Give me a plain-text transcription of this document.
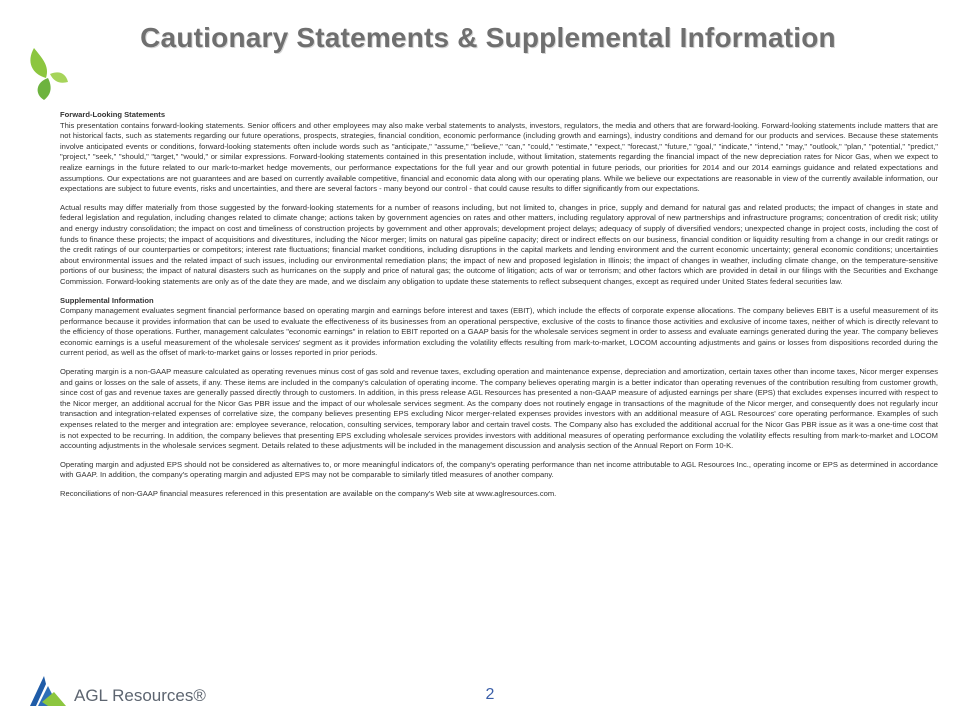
Cautionary Statements & Supplemental Information

Forward-Looking Statements
This presentation contains forward-looking statements. Senior officers and other employees may also make verbal statements to analysts, investors, regulators, the media and others that are forward-looking. Forward-looking statements include matters that are not historical facts, such as statements regarding our future operations, prospects, strategies, financial condition, economic performance (including growth and earnings), industry conditions and demand for our products and services. Because these statements involve anticipated events or conditions, forward-looking statements often include words such as "anticipate," "assume," "believe," "can," "could," "estimate," "expect," "forecast," "future," "goal," "indicate," "intend," "may," "outlook," "plan," "potential," "predict," "project," "seek," "should," "target," "would," or similar expressions. Forward-looking statements contained in this presentation include, without limitation, statements regarding the financial impact of the new depreciation rates for Nicor Gas, when we expect to realize earnings in the future related to our mark-to-market hedge movements, our performance expectations for the full year and our growth potential in future periods, our priorities for 2014 and our 2014 earnings guidance and related expectations and assumptions. Our expectations are not guarantees and are based on currently available competitive, financial and economic data along with our operating plans. While we believe our expectations are reasonable in view of the currently available information, our expectations are subject to future events, risks and uncertainties, and there are several factors - many beyond our control - that could cause results to differ significantly from our expectations.

Actual results may differ materially from those suggested by the forward-looking statements for a number of reasons including, but not limited to, changes in price, supply and demand for natural gas and related products; the impact of changes in state and federal legislation and regulation, including changes related to climate change; actions taken by government agencies on rates and other matters, including regulatory approval of new partnerships and infrastructure programs; concentration of credit risk; utility and energy industry consolidation; the impact on cost and timeliness of construction projects by government and other approvals; development project delays; adequacy of supply of diversified vendors; unexpected change in project costs, including the cost of funds to finance these projects; the impact of acquisitions and divestitures, including the Nicor merger; limits on natural gas pipeline capacity; direct or indirect effects on our business, financial condition or liquidity resulting from a change in our credit ratings or the credit ratings of our counterparties or competitors; interest rate fluctuations; financial market conditions, including disruptions in the capital markets and lending environment and the current economic uncertainty; general economic conditions; uncertainties about environmental issues and the related impact of such issues, including our environmental remediation plans; the impact of new and proposed legislation in Illinois; the impact of changes in weather, including climate change, on the temperature-sensitive portions of our business; the impact of natural disasters such as hurricanes on the supply and price of natural gas; the outcome of litigation; acts of war or terrorism; and other factors which are provided in detail in our filings with the Securities and Exchange Commission. Forward-looking statements are only as of the date they are made, and we disclaim any obligation to update these statements to reflect subsequent changes, except as required under United States federal securities law.

Supplemental Information
Company management evaluates segment financial performance based on operating margin and earnings before interest and taxes (EBIT), which include the effects of corporate expense allocations. The company believes EBIT is a useful measurement of its performance because it provides information that can be used to evaluate the effectiveness of its businesses from an operational perspective, exclusive of the costs to finance those activities and exclusive of income taxes, neither of which is directly relevant to the efficiency of those operations. Further, management calculates "economic earnings" in relation to EBIT reported on a GAAP basis for the wholesale services segment in order to assess and evaluate earnings generated during the year. The company believes economic earnings is a useful measurement of the wholesale services' segment as it provides information excluding the volatility effects resulting from mark-to-market, LOCOM accounting adjustments and gains or losses from dispositions recorded during the current period, as well as the offset of mark-to-market gains or losses reported in prior periods.

Operating margin is a non-GAAP measure calculated as operating revenues minus cost of gas sold and revenue taxes, excluding operation and maintenance expense, depreciation and amortization, certain taxes other than income taxes, Nicor merger expenses and gains or losses on the sale of assets, if any. These items are included in the company's calculation of operating income. The company believes operating margin is a better indicator than operating revenues of the contribution resulting from customer growth, since cost of gas and revenue taxes are generally passed directly through to customers. In addition, in this press release AGL Resources has presented a non-GAAP measure of adjusted earnings per share (EPS) that excludes expenses incurred with respect to the Nicor merger, an additional accrual for the Nicor Gas PBR issue and the impact of our wholesale services segment. As the company does not routinely engage in transactions of the magnitude of the Nicor merger, and consequently does not regularly incur transaction and integration-related expenses of correlative size, the company believes presenting EPS excluding Nicor merger-related expenses provides investors with an additional measure of AGL Resources' core operating performance. Examples of such expenses related to the merger and integration are: employee severance, relocation, consulting services, temporary labor and certain travel costs. The Company also has excluded the additional accrual for the Nicor Gas PBR issue as it was a one-time cost that is not expected to be recurring. In addition, the company believes that presenting EPS excluding wholesale services provides investors with additional measures of operating performance excluding the volatility effects resulting from mark-to-market and LOCOM accounting adjustments in the wholesale services segment. Details related to these adjustments will be included in the management discussion and analysis section of the Annual Report on Form 10-K.

Operating margin and adjusted EPS should not be considered as alternatives to, or more meaningful indicators of, the company's operating performance than net income attributable to AGL Resources Inc., operating income or EPS as determined in accordance with GAAP. In addition, the company's operating margin and adjusted EPS may not be comparable to similarly titled measures of another company.

Reconciliations of non-GAAP financial measures referenced in this presentation are available on the company's Web site at www.aglresources.com.

AGL Resources®	2
